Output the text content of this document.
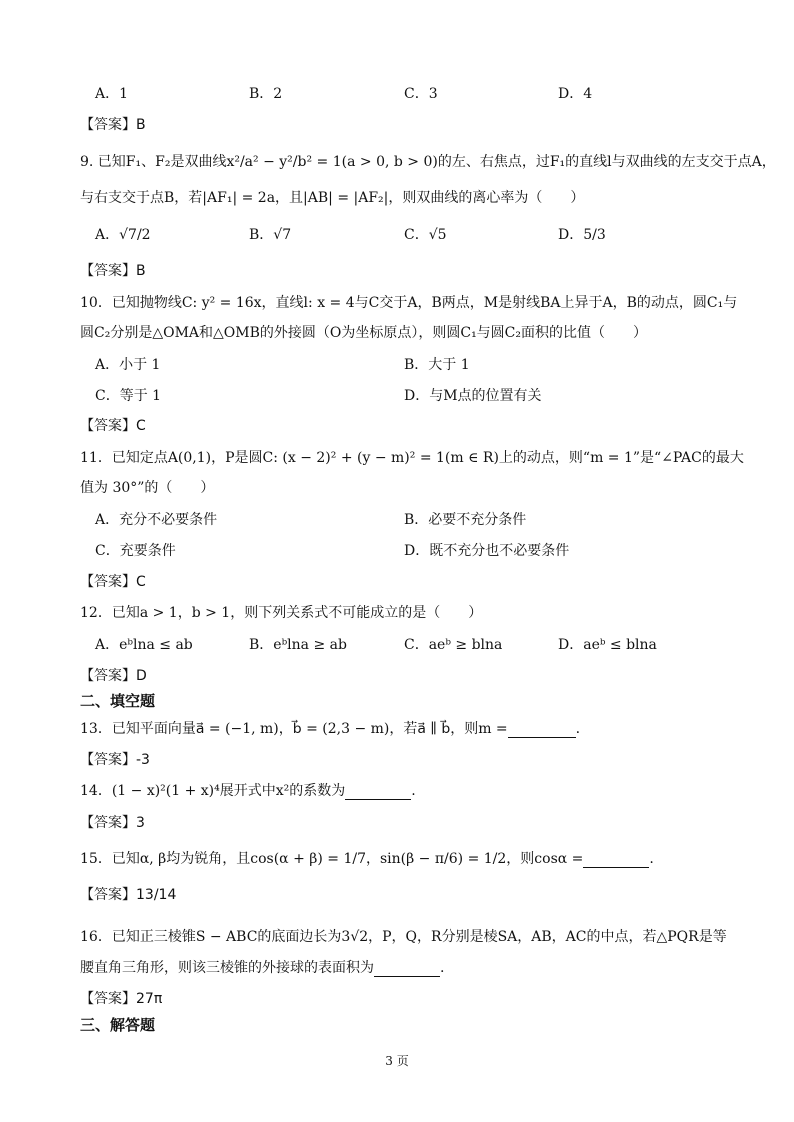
A．1	B．2	C．3	D．4
【答案】B
9. 已知F₁、F₂是双曲线x²/a² − y²/b² = 1(a > 0, b > 0)的左、右焦点，过F₁的直线l与双曲线的左支交于点A，
与右支交于点B，若|AF₁| = 2a，且|AB| = |AF₂|，则双曲线的离心率为（　　）
A．√7/2	B．√7	C．√5	D．5/3
【答案】B
10．已知抛物线C: y² = 16x，直线l: x = 4与C交于A，B两点，M是射线BA上异于A，B的动点，圆C₁与
圆C₂分别是△OMA和△OMB的外接圆（O为坐标原点），则圆C₁与圆C₂面积的比值（　　）
A．小于 1	B．大于 1
C．等于 1	D．与M点的位置有关
【答案】C
11．已知定点A(0,1)，P是圆C: (x − 2)² + (y − m)² = 1(m ∈ R)上的动点，则“m = 1”是“∠PAC的最大
值为 30°”的（　　）
A．充分不必要条件	B．必要不充分条件
C．充要条件	D．既不充分也不必要条件
【答案】C
12．已知a > 1，b > 1，则下列关系式不可能成立的是（　　）
A．eᵇlna ≤ ab	B．eᵇlna ≥ ab	C．aeᵇ ≥ blna	D．aeᵇ ≤ blna
【答案】D
二、填空题
13．已知平面向量a⃗ = (−1, m)，b⃗ = (2,3 − m)，若a⃗ ∥ b⃗，则m =	.
【答案】-3
14．(1 − x)²(1 + x)⁴展开式中x²的系数为	.
【答案】3
15．已知α, β均为锐角，且cos(α + β) = 1/7，sin(β − π/6) = 1/2，则cosα =	.
【答案】13/14
16．已知正三棱锥S − ABC的底面边长为3√2，P，Q，R分别是棱SA，AB，AC的中点，若△PQR是等
腰直角三角形，则该三棱锥的外接球的表面积为	.
【答案】27π
三、解答题
3 页
